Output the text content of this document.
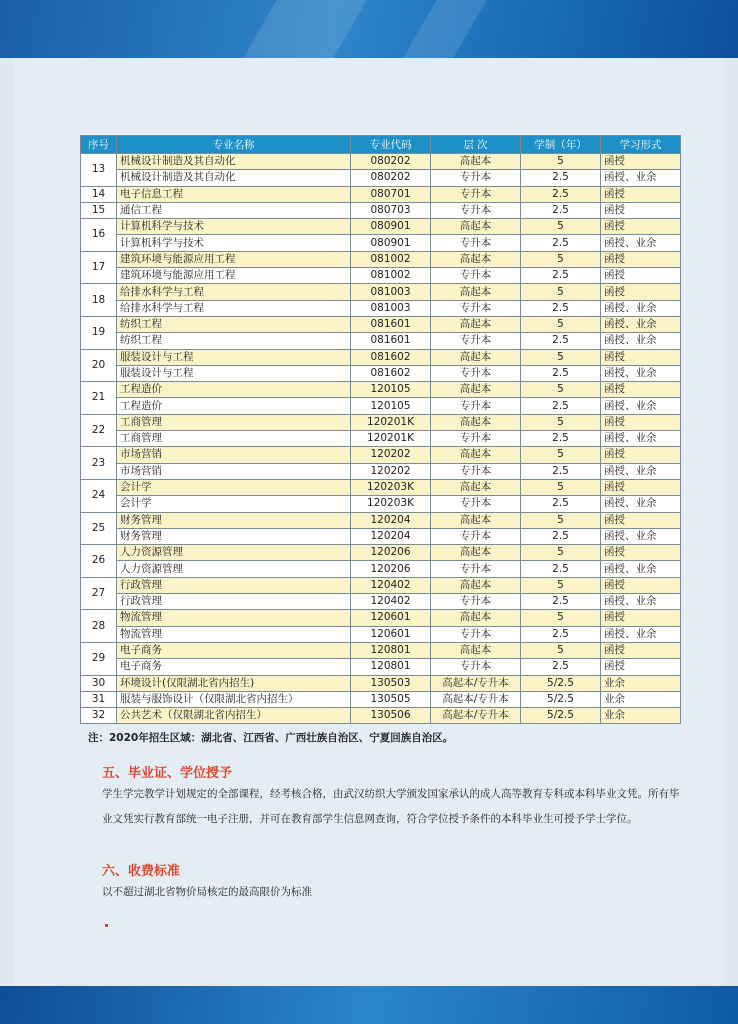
序号	专业名称	专业代码	层 次	学制（年）	学习形式
13	机械设计制造及其自动化	080202	高起本	5	函授
	机械设计制造及其自动化	080202	专升本	2.5	函授、业余
14	电子信息工程	080701	专升本	2.5	函授
15	通信工程	080703	专升本	2.5	函授
16	计算机科学与技术	080901	高起本	5	函授
	计算机科学与技术	080901	专升本	2.5	函授、业余
17	建筑环境与能源应用工程	081002	高起本	5	函授
	建筑环境与能源应用工程	081002	专升本	2.5	函授
18	给排水科学与工程	081003	高起本	5	函授
	给排水科学与工程	081003	专升本	2.5	函授、业余
19	纺织工程	081601	高起本	5	函授、业余
	纺织工程	081601	专升本	2.5	函授、业余
20	服装设计与工程	081602	高起本	5	函授
	服装设计与工程	081602	专升本	2.5	函授、业余
21	工程造价	120105	高起本	5	函授
	工程造价	120105	专升本	2.5	函授、业余
22	工商管理	120201K	高起本	5	函授
	工商管理	120201K	专升本	2.5	函授、业余
23	市场营销	120202	高起本	5	函授
	市场营销	120202	专升本	2.5	函授、业余
24	会计学	120203K	高起本	5	函授
	会计学	120203K	专升本	2.5	函授、业余
25	财务管理	120204	高起本	5	函授
	财务管理	120204	专升本	2.5	函授、业余
26	人力资源管理	120206	高起本	5	函授
	人力资源管理	120206	专升本	2.5	函授、业余
27	行政管理	120402	高起本	5	函授
	行政管理	120402	专升本	2.5	函授、业余
28	物流管理	120601	高起本	5	函授
	物流管理	120601	专升本	2.5	函授、业余
29	电子商务	120801	高起本	5	函授
	电子商务	120801	专升本	2.5	函授
30	环境设计(仅限湖北省内招生)	130503	高起本/专升本	5/2.5	业余
31	服装与服饰设计（仅限湖北省内招生）	130505	高起本/专升本	5/2.5	业余
32	公共艺术（仅限湖北省内招生）	130506	高起本/专升本	5/2.5	业余
注：2020年招生区域：湖北省、江西省、广西壮族自治区、宁夏回族自治区。
五、毕业证、学位授予
学生学完教学计划规定的全部课程，经考核合格，由武汉纺织大学颁发国家承认的成人高等教育专科或本科毕业文凭。所有毕业文凭实行教育部统一电子注册，并可在教育部学生信息网查询，符合学位授予条件的本科毕业生可授予学士学位。
六、收费标准
以不超过湖北省物价局核定的最高限价为标准
